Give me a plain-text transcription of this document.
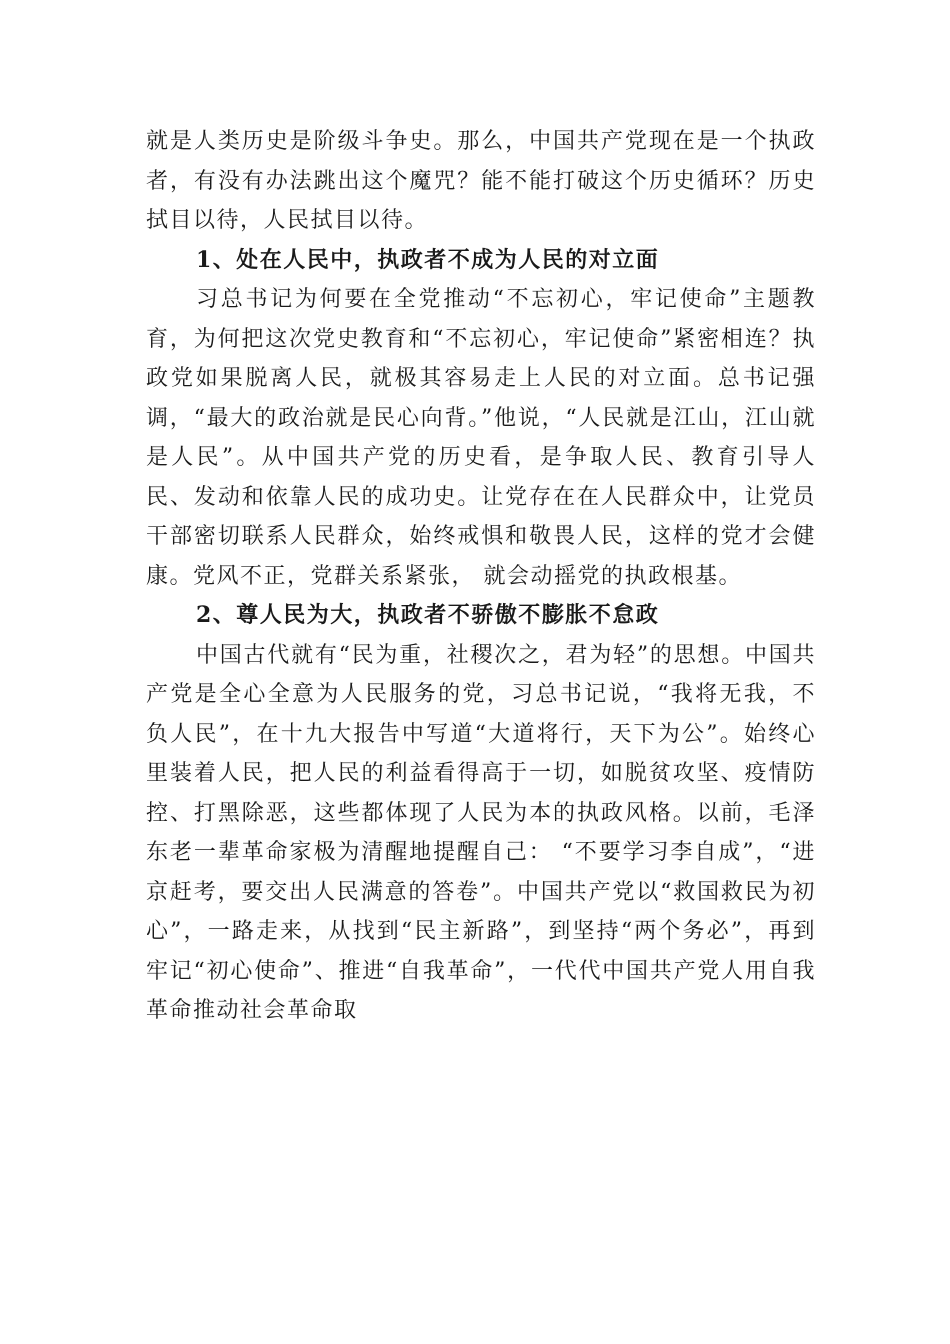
就是人类历史是阶级斗争史。那么，中国共产党现在是一个执政者，有没有办法跳出这个魔咒？能不能打破这个历史循环？历史拭目以待，人民拭目以待。

1、处在人民中，执政者不成为人民的对立面

习总书记为何要在全党推动“不忘初心，牢记使命”主题教育，为何把这次党史教育和“不忘初心，牢记使命”紧密相连？执政党如果脱离人民，就极其容易走上人民的对立面。总书记强调，“最大的政治就是民心向背。”他说，“人民就是江山，江山就是人民”。从中国共产党的历史看，是争取人民、教育引导人民、发动和依靠人民的成功史。让党存在在人民群众中，让党员干部密切联系人民群众，始终戒惧和敬畏人民，这样的党才会健康。党风不正，党群关系紧张， 就会动摇党的执政根基。

2、尊人民为大，执政者不骄傲不膨胀不怠政

中国古代就有“民为重，社稷次之，君为轻”的思想。中国共产党是全心全意为人民服务的党，习总书记说，“我将无我，不负人民”，在十九大报告中写道“大道将行，天下为公”。始终心里装着人民，把人民的利益看得高于一切，如脱贫攻坚、疫情防控、打黑除恶，这些都体现了人民为本的执政风格。以前，毛泽东老一辈革命家极为清醒地提醒自己： “不要学习李自成”，“进京赶考，要交出人民满意的答卷”。中国共产党以“救国救民为初心”，一路走来，从找到“民主新路”，到坚持“两个务必”，再到牢记“初心使命”、推进“自我革命”，一代代中国共产党人用自我革命推动社会革命取
